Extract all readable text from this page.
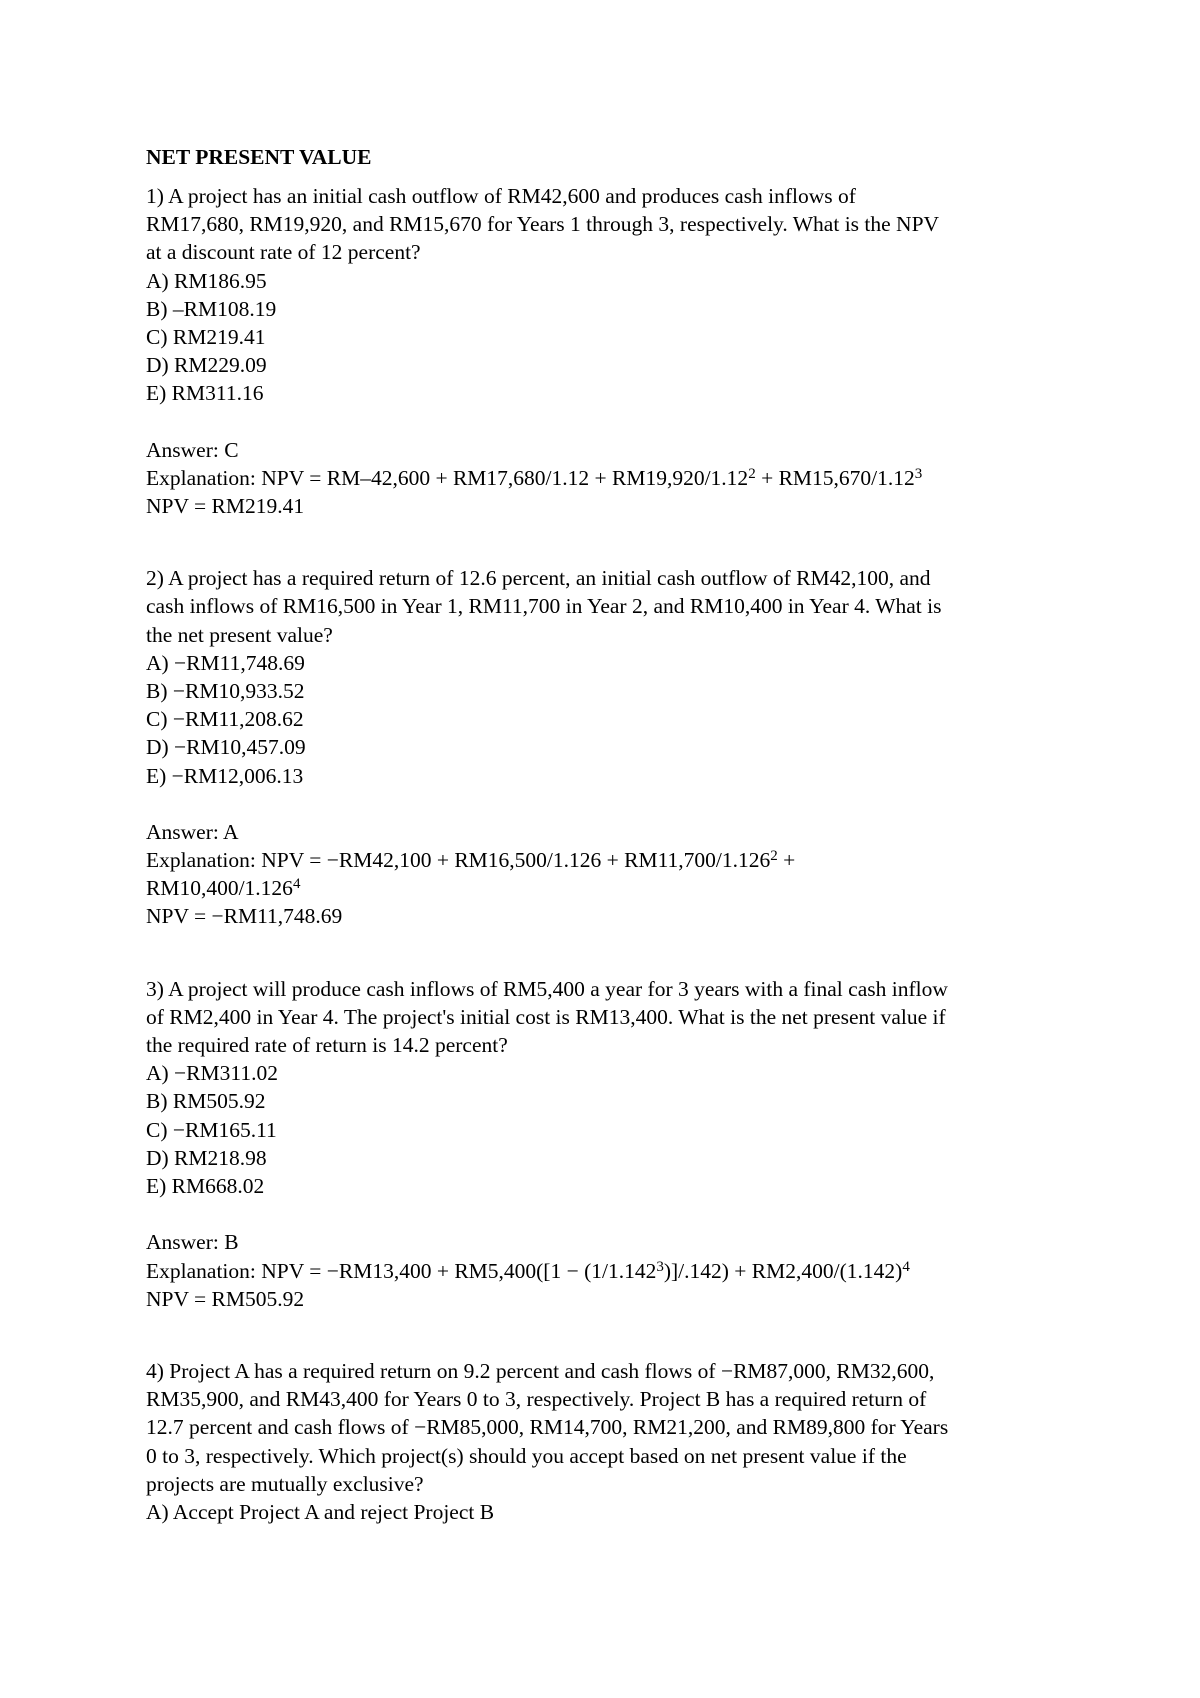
NET PRESENT VALUE
1) A project has an initial cash outflow of RM42,600 and produces cash inflows of
RM17,680, RM19,920, and RM15,670 for Years 1 through 3, respectively. What is the NPV
at a discount rate of 12 percent?
A) RM186.95
B) –RM108.19
C) RM219.41
D) RM229.09
E) RM311.16
Answer: C
Explanation: NPV = $RM-42,600 + RM17,680/1.12 + RM19,920/1.12^2 + RM15,670/1.12^3$
NPV = RM219.41
2) A project has a required return of 12.6 percent, an initial cash outflow of RM42,100, and
cash inflows of RM16,500 in Year 1, RM11,700 in Year 2, and RM10,400 in Year 4. What is
the net present value?
A) −RM11,748.69
B) −RM10,933.52
C) −RM11,208.62
D) −RM10,457.09
E) −RM12,006.13
Answer: A
Explanation: NPV = $-RM42,100 + RM16,500/1.126 + RM11,700/1.126^2$ +
$RM10,400/1.126^4$
NPV = −RM11,748.69
3) A project will produce cash inflows of RM5,400 a year for 3 years with a final cash inflow
of RM2,400 in Year 4. The project's initial cost is RM13,400. What is the net present value if
the required rate of return is 14.2 percent?
A) −RM311.02
B) RM505.92
C) −RM165.11
D) RM218.98
E) RM668.02
Answer: B
Explanation: NPV = $-RM13,400 + RM5,400([1 - (1/1.142^3)]/.142) + RM2,400/(1.142)^4$
NPV = RM505.92
4) Project A has a required return on 9.2 percent and cash flows of −RM87,000, RM32,600,
RM35,900, and RM43,400 for Years 0 to 3, respectively. Project B has a required return of
12.7 percent and cash flows of −RM85,000, RM14,700, RM21,200, and RM89,800 for Years
0 to 3, respectively. Which project(s) should you accept based on net present value if the
projects are mutually exclusive?
A) Accept Project A and reject Project B
